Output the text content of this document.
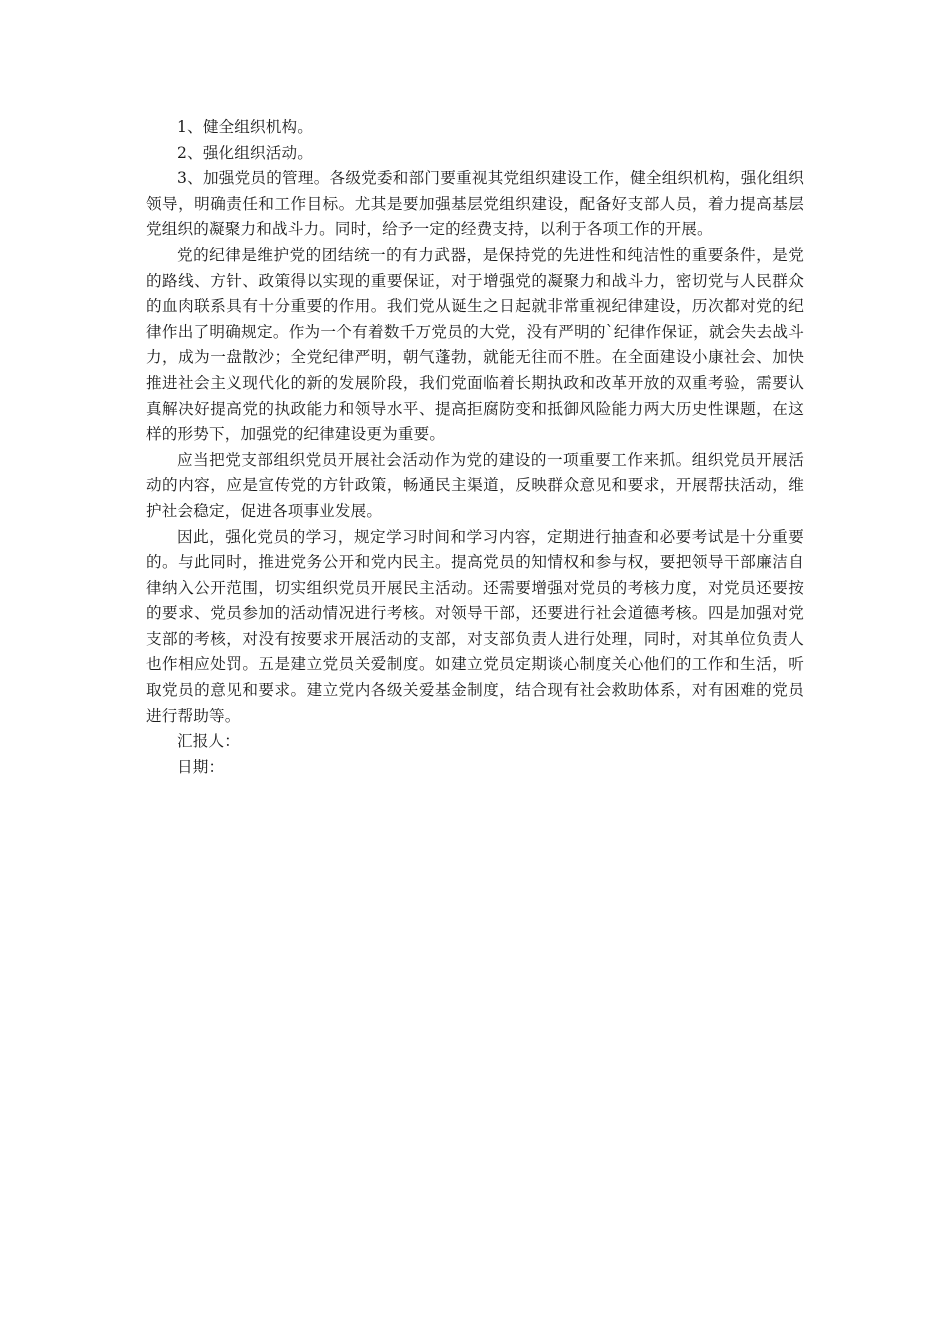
1、健全组织机构。

2、强化组织活动。

3、加强党员的管理。各级党委和部门要重视其党组织建设工作，健全组织机构，强化组织领导，明确责任和工作目标。尤其是要加强基层党组织建设，配备好支部人员，着力提高基层党组织的凝聚力和战斗力。同时，给予一定的经费支持，以利于各项工作的开展。

党的纪律是维护党的团结统一的有力武器，是保持党的先进性和纯洁性的重要条件，是党的路线、方针、政策得以实现的重要保证，对于增强党的凝聚力和战斗力，密切党与人民群众的血肉联系具有十分重要的作用。我们党从诞生之日起就非常重视纪律建设，历次都对党的纪律作出了明确规定。作为一个有着数千万党员的大党，没有严明的`纪律作保证，就会失去战斗力，成为一盘散沙；全党纪律严明，朝气蓬勃，就能无往而不胜。在全面建设小康社会、加快推进社会主义现代化的新的发展阶段，我们党面临着长期执政和改革开放的双重考验，需要认真解决好提高党的执政能力和领导水平、提高拒腐防变和抵御风险能力两大历史性课题，在这样的形势下，加强党的纪律建设更为重要。

应当把党支部组织党员开展社会活动作为党的建设的一项重要工作来抓。组织党员开展活动的内容，应是宣传党的方针政策，畅通民主渠道，反映群众意见和要求，开展帮扶活动，维护社会稳定，促进各项事业发展。

因此，强化党员的学习，规定学习时间和学习内容，定期进行抽查和必要考试是十分重要的。与此同时，推进党务公开和党内民主。提高党员的知情权和参与权，要把领导干部廉洁自律纳入公开范围，切实组织党员开展民主活动。还需要增强对党员的考核力度，对党员还要按的要求、党员参加的活动情况进行考核。对领导干部，还要进行社会道德考核。四是加强对党支部的考核，对没有按要求开展活动的支部，对支部负责人进行处理，同时，对其单位负责人也作相应处罚。五是建立党员关爱制度。如建立党员定期谈心制度关心他们的工作和生活，听取党员的意见和要求。建立党内各级关爱基金制度，结合现有社会救助体系，对有困难的党员进行帮助等。

汇报人：

日期：
